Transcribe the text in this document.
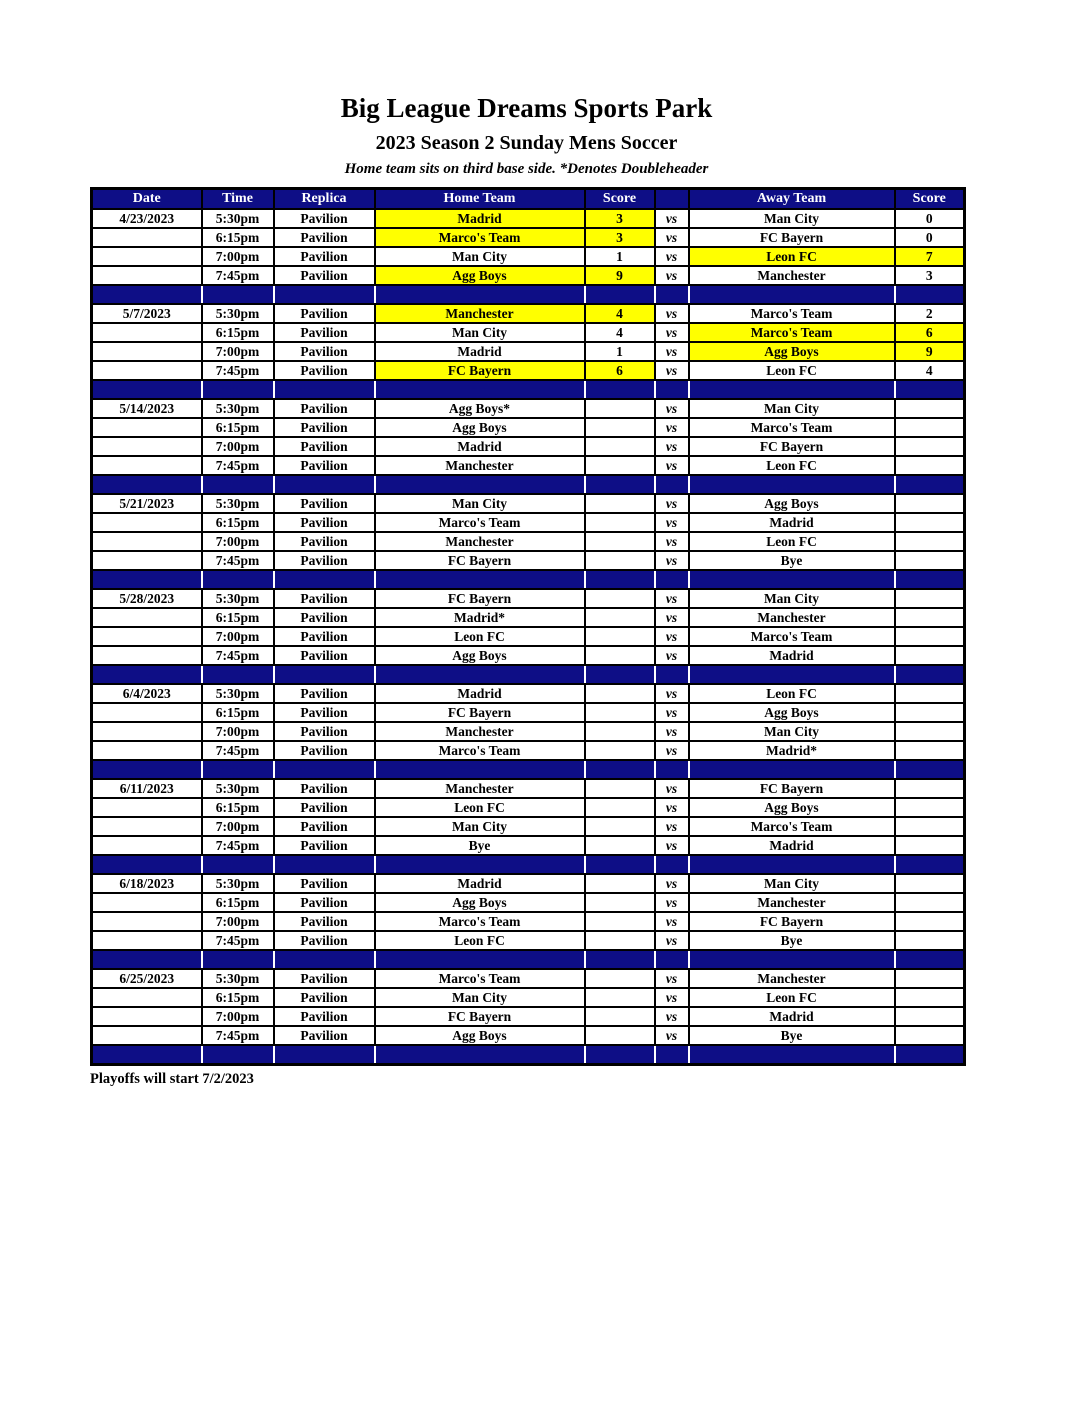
Big League Dreams Sports Park
2023 Season 2 Sunday Mens Soccer
Home team sits on third base side. *Denotes Doubleheader
Date	Time	Replica	Home Team	Score		Away Team	Score
4/23/2023	5:30pm	Pavilion	Madrid	3	vs	Man City	0
	6:15pm	Pavilion	Marco's Team	3	vs	FC Bayern	0
	7:00pm	Pavilion	Man City	1	vs	Leon FC	7
	7:45pm	Pavilion	Agg Boys	9	vs	Manchester	3

5/7/2023	5:30pm	Pavilion	Manchester	4	vs	Marco's Team	2
	6:15pm	Pavilion	Man City	4	vs	Marco's Team	6
	7:00pm	Pavilion	Madrid	1	vs	Agg Boys	9
	7:45pm	Pavilion	FC Bayern	6	vs	Leon FC	4

5/14/2023	5:30pm	Pavilion	Agg Boys*		vs	Man City	
	6:15pm	Pavilion	Agg Boys		vs	Marco's Team	
	7:00pm	Pavilion	Madrid		vs	FC Bayern	
	7:45pm	Pavilion	Manchester		vs	Leon FC	

5/21/2023	5:30pm	Pavilion	Man City		vs	Agg Boys	
	6:15pm	Pavilion	Marco's Team		vs	Madrid	
	7:00pm	Pavilion	Manchester		vs	Leon FC	
	7:45pm	Pavilion	FC Bayern		vs	Bye	

5/28/2023	5:30pm	Pavilion	FC Bayern		vs	Man City	
	6:15pm	Pavilion	Madrid*		vs	Manchester	
	7:00pm	Pavilion	Leon FC		vs	Marco's Team	
	7:45pm	Pavilion	Agg Boys		vs	Madrid	

6/4/2023	5:30pm	Pavilion	Madrid		vs	Leon FC	
	6:15pm	Pavilion	FC Bayern		vs	Agg Boys	
	7:00pm	Pavilion	Manchester		vs	Man City	
	7:45pm	Pavilion	Marco's Team		vs	Madrid*	

6/11/2023	5:30pm	Pavilion	Manchester		vs	FC Bayern	
	6:15pm	Pavilion	Leon FC		vs	Agg Boys	
	7:00pm	Pavilion	Man City		vs	Marco's Team	
	7:45pm	Pavilion	Bye		vs	Madrid	

6/18/2023	5:30pm	Pavilion	Madrid		vs	Man City	
	6:15pm	Pavilion	Agg Boys		vs	Manchester	
	7:00pm	Pavilion	Marco's Team		vs	FC Bayern	
	7:45pm	Pavilion	Leon FC		vs	Bye	

6/25/2023	5:30pm	Pavilion	Marco's Team		vs	Manchester	
	6:15pm	Pavilion	Man City		vs	Leon FC	
	7:00pm	Pavilion	FC Bayern		vs	Madrid	
	7:45pm	Pavilion	Agg Boys		vs	Bye	

Playoffs will start 7/2/2023
